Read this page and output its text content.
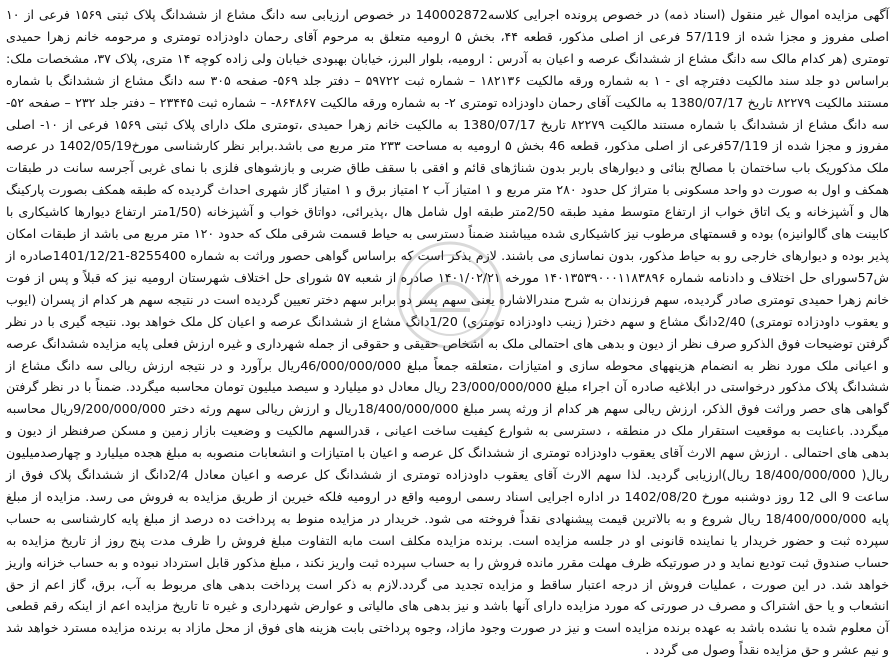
آگهی مزایده اموال غیر منقول (اسناد ذمه) در خصوص پرونده اجرایی کلاسه140002872 در خصوص ارزیابی سه دانگ مشاع از ششدانگ پلاک ثبتی ۱۵۶۹ فرعی از ۱۰ اصلی مفروز و مجزا شده از 57/119 فرعی از اصلی مذکور، قطعه ۴۴، بخش ۵ ارومیه متعلق به مرحوم آقای رحمان داودزاده تومتری و مرحومه خانم زهرا حمیدی تومتری (هر کدام مالک سه دانگ مشاع از ششدانگ عرصه و اعیان به آدرس : ارومیه، بلوار البرز، خیابان بهبودی خیابان ولی زاده کوچه ۱۴ متری، پلاک ۳۷، مشخصات ملک: براساس دو جلد سند مالکیت دفترچه ای - ۱ به شماره ورقه مالکیت ۱۸۲۱۳۶ – شماره ثبت ۵۹۷۲۲ – دفتر جلد ۵۶۹- صفحه ۳۰۵ سه دانگ مشاع از ششدانگ با شماره مستند مالکیت ۸۲۲۷۹ تاریخ 1380/07/17 به مالکیت آقای رحمان داودزاده تومتری ۲- به شماره ورقه مالکیت ۸۶۴۸۶۷- – شماره ثبت ۲۳۴۴۵ – دفتر جلد ۲۳۲ – صفحه ۵۲- سه دانگ مشاع از ششدانگ با شماره مستند مالکیت ۸۲۲۷۹ تاریخ 1380/07/17 به مالکیت خانم زهرا حمیدی ،تومتری ملک دارای پلاک ثبتی ۱۵۶۹ فرعی از ۱۰- اصلی مفروز و مجزا شده از 57/119فرعی از اصلی مذکور، قطعه 46 بخش ۵ ارومیه به مساحت ۲۳۳ متر مربع می باشد.برابر نظر کارشناسی مورخ1402/05/19 در عرصه ملک مذکوریک باب ساختمان با مصالح بنائی و دیوارهای باربر بدون شناژهای قائم و افقی با سقف طاق ضربی و بازشوهای فلزی با نمای غربی آجرسه سانت در طبقات همکف و اول به صورت دو واحد مسکونی با متراژ کل حدود ۲۸۰ متر مربع و ۱ امتیاز آب ۲ امتیاز برق و ۱ امتیاز گاز شهری احداث گردیده که طبقه همکف بصورت پارکینگ هال و آشپزخانه و یک اتاق خواب از ارتفاع متوسط مفید طبقه 2/50متر طبقه اول شامل هال ،پذیرائی، دواتاق خواب و آشپزخانه (1/50متر ارتفاع دیوارها کاشیکاری با کابینت های گالوانیزه) بوده و قسمتهای مرطوب نیز کاشیکاری شده میباشند ضمناً دسترسی به حیاط قسمت شرقی ملک که حدود ۱۲۰ متر مربع می باشد از طبقات امکان پذیر بوده و دیوارهای خارجی رو به حیاط مذکور، بدون نماسازی می باشند. لازم بذکر است که براساس گواهی حصور وراثت به شماره 8255400-1401/12/21صادره از ش57سورای حل اختلاف و دادنامه شماره ۱۴۰۱۳۵۳۹۰۰۰۱۱۸۳۸۹۶ مورخه ۱۴۰۱/۰۲/۲۱ صادره از شعبه ۵۷ شورای حل اختلاف شهرستان ارومیه نیز که قبلاً و پس از فوت خانم زهرا حمیدی تومتری صادر گردیده، سهم فرزندان به شرح مندرالاشاره یعنی سهم پسر دو برابر سهم دختر تعیین گردیده است در نتیجه سهم هر کدام از پسران (ایوب و یعقوب داودزاده تومتری) 2/40دانگ مشاع و سهم دختر( زینب داودزاده تومتری) 1/20دانگ مشاع از ششدانگ عرصه و اعیان کل ملک خواهد بود. نتیجه گیری با در نظر گرفتن توضیحات فوق الذکرو صرف نظر از دیون و بدهی های احتمالی ملک به اشخاص حقیقی و حقوقی از جمله شهرداری و غیره ارزش فعلی پایه مزایده ششدانگ عرصه و اعیانی ملک مورد نظر به انضمام هزینههای محوطه سازی و امتیازات ،متعلقه جمعاً مبلغ 46/000/000/000ریال برآورد و در نتیجه ارزش ریالی سه دانگ مشاع از ششدانگ پلاک مذکور درخواستی در ابلاغیه صادره آن اجراء مبلغ 23/000/000/000 ریال معادل دو میلیارد و سیصد میلیون تومان محاسبه میگردد. ضمناً با در نظر گرفتن گواهی های حصر وراثت فوق الذکر، ارزش ریالی سهم هر کدام از ورثه پسر مبلغ 18/400/000/000ریال و ارزش ریالی سهم ورثه دختر 9/200/000/000ریال محاسبه میگردد. باعنایت به موقعیت استقرار ملک در منطقه ، دسترسی به شوارع کیفیت ساخت اعیانی ، قدرالسهم مالکیت و وضعیت بازار زمین و مسکن صرفنظر از دیون و بدهی های احتمالی . ارزش سهم الارث آقای یعقوب داودزاده تومتری از ششدانگ کل عرصه و اعیان با امتیازات و انشعابات منصوبه به مبلغ هجده میلیارد و چهارصدمیلیون ریال( 18/400/000/000 ریال)ارزیابی گردید. لذا سهم الارث آقای یعقوب داودزاده تومتری از ششدانگ کل عرصه و اعیان معادل 2/4دانگ از ششدانگ پلاک فوق از ساعت 9 الی 12 روز دوشنبه مورخ 1402/08/20 در اداره اجرایی اسناد رسمی ارومیه واقع در ارومیه فلکه خیرین از طریق مزایده به فروش می رسد. مزایده از مبلغ پایه 18/400/000/000 ریال شروع و به بالاترین قیمت پیشنهادی نقداً فروخته می شود. خریدار در مزایده منوط به پرداخت ده درصد از مبلغ پایه کارشناسی به حساب سپرده ثبت و حضور خریدار یا نماینده قانونی او در جلسه مزایده است. برنده مزایده مکلف است مابه التفاوت مبلغ فروش را ظرف مدت پنج روز از تاریخ مزایده به حساب صندوق ثبت تودیع نماید و در صورتیکه ظرف مهلت مقرر مانده فروش را به حساب سپرده ثبت واریز نکند ، مبلغ مذکور قابل استرداد نبوده و به حساب خزانه واریز خواهد شد. در این صورت ، عملیات فروش از درجه اعتبار ساقط و مزایده تجدید می گردد.لازم به ذکر است پرداخت بدهی های مربوط به آب، برق، گاز اعم از حق انشعاب و یا حق اشتراک و مصرف در صورتی که مورد مزایده دارای آنها باشد و نیز بدهی های مالیاتی و عوارض شهرداری و غیره تا تاریخ مزایده اعم از اینکه رقم قطعی آن معلوم شده یا نشده باشد به عهده برنده مزایده است و نیز در صورت وجود مازاد، وجوه پرداختی بابت هزینه های فوق از محل مازاد به برنده مزایده مسترد خواهد شد و نیم عشر و حق مزایده نقداً وصول می گردد .
